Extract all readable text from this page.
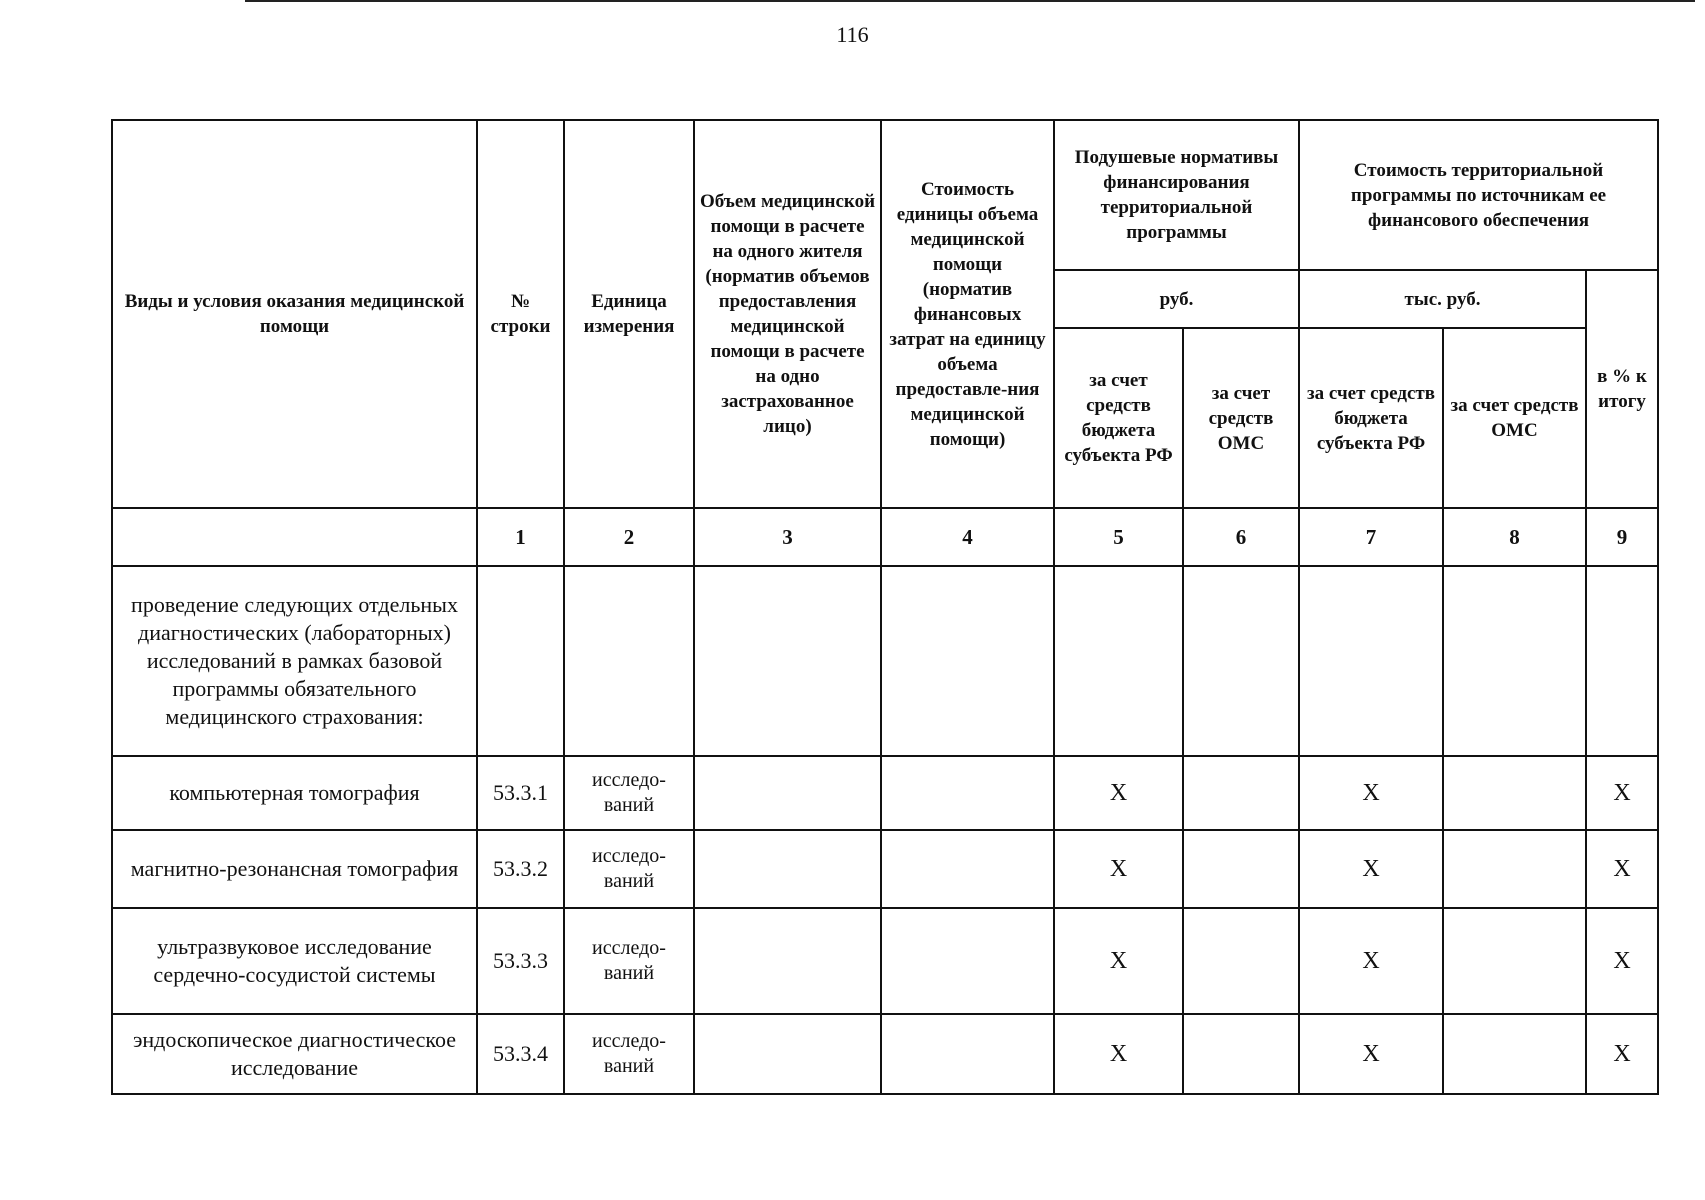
116
Виды и условия оказания медицинской помощи	№ строки	Единица измерения	Объем медицинской помощи в расчете на одного жителя (норматив объемов предоставления медицинской помощи в расчете на одно застрахованное лицо)	Стоимость единицы объема медицинской помощи (норматив финансовых затрат на единицу объема предоставле-ния медицинской помощи)	Подушевые нормативы финансирования территориальной программы		Стоимость территориальной программы по источникам ее финансового обеспечения		
					руб.		тыс. руб.		в % к итогу
					за счет средств бюджета субъекта РФ	за счет средств ОМС	за счет средств бюджета субъекта РФ	за счет средств ОМС	
	1	2	3	4	5	6	7	8	9
проведение следующих отдельных диагностических (лабораторных) исследований в рамках базовой программы обязательного медицинского страхования:									
компьютерная томография	53.3.1	исследо-ваний			Х		Х		Х
магнитно-резонансная томография	53.3.2	исследо-ваний			Х		Х		Х
ультразвуковое исследование сердечно-сосудистой системы	53.3.3	исследо-ваний			Х		Х		Х
эндоскопическое диагностическое исследование	53.3.4	исследо-ваний			Х		Х		Х
